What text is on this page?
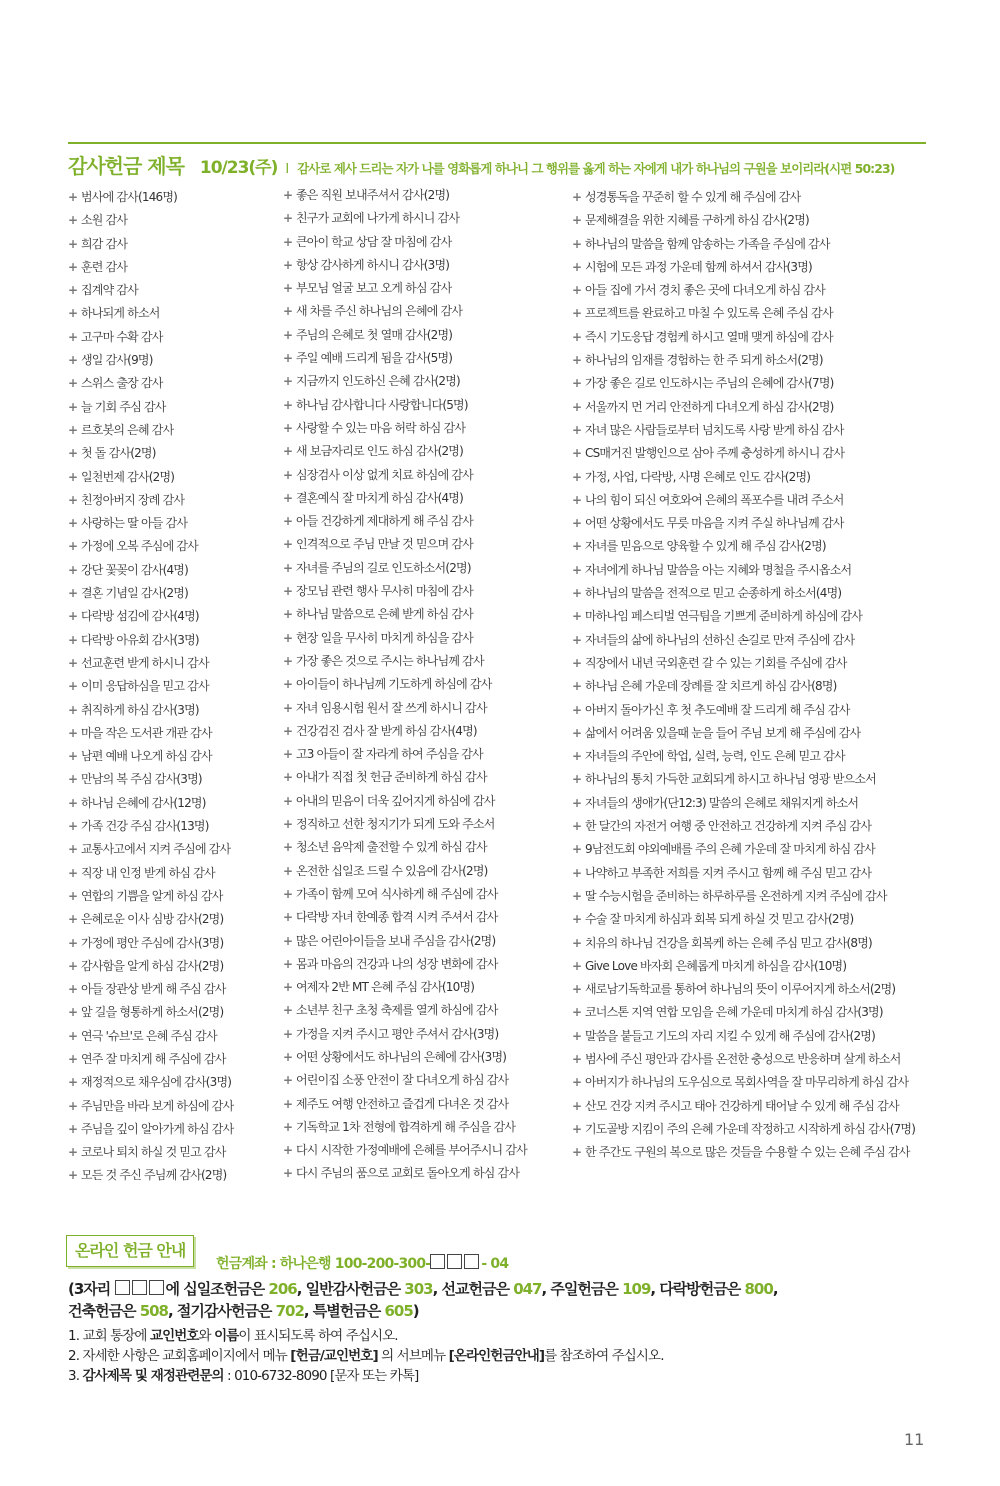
감사헌금 제목 10/23(주) I 감사로 제사 드리는 자가 나를 영화롭게 하나니 그 행위를 옳게 하는 자에게 내가 하나님의 구원을 보이리라(시편 50:23)
+ 범사에 감사(146명)
+ 소원 감사
+ 희감 감사
+ 훈련 감사
+ 집계약 감사
+ 하나되게 하소서
+ 고구마 수확 감사
+ 생일 감사(9명)
+ 스위스 출장 감사
+ 늘 기회 주심 감사
+ 르호봇의 은혜 감사
+ 첫 돌 감사(2명)
+ 일천번제 감사(2명)
+ 친정아버지 장례 감사
+ 사랑하는 딸 아들 감사
+ 가정에 오복 주심에 감사
+ 강단 꽃꽂이 감사(4명)
+ 결혼 기념일 감사(2명)
+ 다락방 섬김에 감사(4명)
+ 다락방 아유회 감사(3명)
+ 선교훈련 받게 하시니 감사
+ 이미 응답하심을 믿고 감사
+ 취직하게 하심 감사(3명)
+ 마을 작은 도서관 개관 감사
+ 남편 예배 나오게 하심 감사
+ 만남의 복 주심 감사(3명)
+ 하나님 은혜에 감사(12명)
+ 가족 건강 주심 감사(13명)
+ 교통사고에서 지켜 주심에 감사
+ 직장 내 인정 받게 하심 감사
+ 연합의 기쁨을 알게 하심 감사
+ 은혜로운 이사 심방 감사(2명)
+ 가정에 평안 주심에 감사(3명)
+ 감사함을 알게 하심 감사(2명)
+ 아들 장관상 받게 해 주심 감사
+ 앞 길을 형통하게 하소서(2명)
+ 연극 '슈브'로 은혜 주심 감사
+ 연주 잘 마치게 해 주심에 감사
+ 재정적으로 채우심에 감사(3명)
+ 주님만을 바라 보게 하심에 감사
+ 주님을 깊이 알아가게 하심 감사
+ 코로나 퇴치 하실 것 믿고 감사
+ 모든 것 주신 주님께 감사(2명)
+ 좋은 직원 보내주셔서 감사(2명)
+ 친구가 교회에 나가게 하시니 감사
+ 큰아이 학교 상담 잘 마침에 감사
+ 항상 감사하게 하시니 감사(3명)
+ 부모님 얼굴 보고 오게 하심 감사
+ 새 차를 주신 하나님의 은혜에 감사
+ 주님의 은혜로 첫 열매 감사(2명)
+ 주일 예배 드리게 됨을 감사(5명)
+ 지금까지 인도하신 은혜 감사(2명)
+ 하나님 감사합니다 사랑합니다(5명)
+ 사랑할 수 있는 마음 허락 하심 감사
+ 새 보금자리로 인도 하심 감사(2명)
+ 심장검사 이상 없게 치료 하심에 감사
+ 결혼예식 잘 마치게 하심 감사(4명)
+ 아들 건강하게 제대하게 해 주심 감사
+ 인격적으로 주님 만날 것 믿으며 감사
+ 자녀를 주님의 길로 인도하소서(2명)
+ 장모님 관련 행사 무사히 마침에 감사
+ 하나님 말씀으로 은혜 받게 하심 감사
+ 현장 일을 무사히 마치게 하심을 감사
+ 가장 좋은 것으로 주시는 하나님께 감사
+ 아이들이 하나님께 기도하게 하심에 감사
+ 자녀 임용시험 원서 잘 쓰게 하시니 감사
+ 건강검진 검사 잘 받게 하심 감사(4명)
+ 고3 아들이 잘 자라게 하여 주심을 감사
+ 아내가 직접 첫 헌금 준비하게 하심 감사
+ 아내의 믿음이 더욱 깊어지게 하심에 감사
+ 정직하고 선한 청지기가 되게 도와 주소서
+ 청소년 음악제 출전할 수 있게 하심 감사
+ 온전한 십일조 드릴 수 있음에 감사(2명)
+ 가족이 함께 모여 식사하게 해 주심에 감사
+ 다락방 자녀 한예종 합격 시켜 주셔서 감사
+ 많은 어린아이들을 보내 주심을 감사(2명)
+ 몸과 마음의 건강과 나의 성장 변화에 감사
+ 여제자 2반 MT 은혜 주심 감사(10명)
+ 소년부 친구 초청 축제를 열게 하심에 감사
+ 가정을 지켜 주시고 평안 주셔서 감사(3명)
+ 어떤 상황에서도 하나님의 은혜에 감사(3명)
+ 어린이집 소풍 안전이 잘 다녀오게 하심 감사
+ 제주도 여행 안전하고 즐겁게 다녀온 것 감사
+ 기독학교 1차 전형에 합격하게 해 주심을 감사
+ 다시 시작한 가정예배에 은혜를 부어주시니 감사
+ 다시 주님의 품으로 교회로 돌아오게 하심 감사
+ 성경통독을 꾸준히 할 수 있게 해 주심에 감사
+ 문제해결을 위한 지혜를 구하게 하심 감사(2명)
+ 하나님의 말씀을 함께 암송하는 가족을 주심에 감사
+ 시험에 모든 과정 가운데 함께 하셔서 감사(3명)
+ 아들 집에 가서 경치 좋은 곳에 다녀오게 하심 감사
+ 프로젝트를 완료하고 마칠 수 있도록 은혜 주심 감사
+ 즉시 기도응답 경험케 하시고 열매 맺게 하심에 감사
+ 하나님의 임재를 경험하는 한 주 되게 하소서(2명)
+ 가장 좋은 길로 인도하시는 주님의 은혜에 감사(7명)
+ 서울까지 먼 거리 안전하게 다녀오게 하심 감사(2명)
+ 자녀 많은 사람들로부터 넘치도록 사랑 받게 하심 감사
+ CS매거진 발행인으로 삼아 주께 충성하게 하시니 감사
+ 가정, 사업, 다락방, 사명 은혜로 인도 감사(2명)
+ 나의 힘이 되신 여호와여 은혜의 폭포수를 내려 주소서
+ 어떤 상황에서도 무릇 마음을 지켜 주실 하나님께 감사
+ 자녀를 믿음으로 양육할 수 있게 해 주심 감사(2명)
+ 자녀에게 하나님 말씀을 아는 지혜와 명철을 주시옵소서
+ 하나님의 말씀을 전적으로 믿고 순종하게 하소서(4명)
+ 마하나임 페스티벌 연극팀을 기쁘게 준비하게 하심에 감사
+ 자녀들의 삶에 하나님의 선하신 손길로 만져 주심에 감사
+ 직장에서 내년 국외훈련 갈 수 있는 기회를 주심에 감사
+ 하나님 은혜 가운데 장례를 잘 치르게 하심 감사(8명)
+ 아버지 돌아가신 후 첫 추도예배 잘 드리게 해 주심 감사
+ 삶에서 어려움 있을때 눈을 들어 주님 보게 해 주심에 감사
+ 자녀들의 주안에 학업, 실력, 능력, 인도 은혜 믿고 감사
+ 하나님의 통치 가득한 교회되게 하시고 하나님 영광 받으소서
+ 자녀들의 생애가(단12:3) 말씀의 은혜로 채워지게 하소서
+ 한 달간의 자전거 여행 중 안전하고 건강하게 지켜 주심 감사
+ 9남전도회 야외예배를 주의 은혜 가운데 잘 마치게 하심 감사
+ 나약하고 부족한 저희를 지켜 주시고 함께 해 주심 믿고 감사
+ 딸 수능시험을 준비하는 하루하루를 온전하게 지켜 주심에 감사
+ 수술 잘 마치게 하심과 회복 되게 하실 것 믿고 감사(2명)
+ 치유의 하나님 건강을 회복케 하는 은혜 주심 믿고 감사(8명)
+ Give Love 바자회 은혜롭게 마치게 하심을 감사(10명)
+ 새로남기독학교를 통하여 하나님의 뜻이 이루어지게 하소서(2명)
+ 코너스톤 지역 연합 모임을 은혜 가운데 마치게 하심 감사(3명)
+ 말씀을 붙들고 기도의 자리 지킬 수 있게 해 주심에 감사(2명)
+ 범사에 주신 평안과 감사를 온전한 충성으로 반응하며 살게 하소서
+ 아버지가 하나님의 도우심으로 목회사역을 잘 마무리하게 하심 감사
+ 산모 건강 지켜 주시고 태아 건강하게 태어날 수 있게 해 주심 감사
+ 기도골방 지킴이 주의 은혜 가운데 작정하고 시작하게 하심 감사(7명)
+ 한 주간도 구원의 복으로 많은 것들을 수용할 수 있는 은혜 주심 감사
온라인 헌금 안내
헌금계좌 : 하나은행 100-200-300-	- 04
(3자리	에 십일조헌금은 206, 일반감사헌금은 303, 선교헌금은 047, 주일헌금은 109, 다락방헌금은 800,
건축헌금은 508, 절기감사헌금은 702, 특별헌금은 605)
1. 교회 통장에 교인번호와 이름이 표시되도록 하여 주십시오.
2. 자세한 사항은 교회홈페이지에서 메뉴 [헌금/교인번호] 의 서브메뉴 [온라인헌금안내]를 참조하여 주십시오.
3. 감사제목 및 재정관련문의 : 010-6732-8090 [문자 또는 카톡]
11
